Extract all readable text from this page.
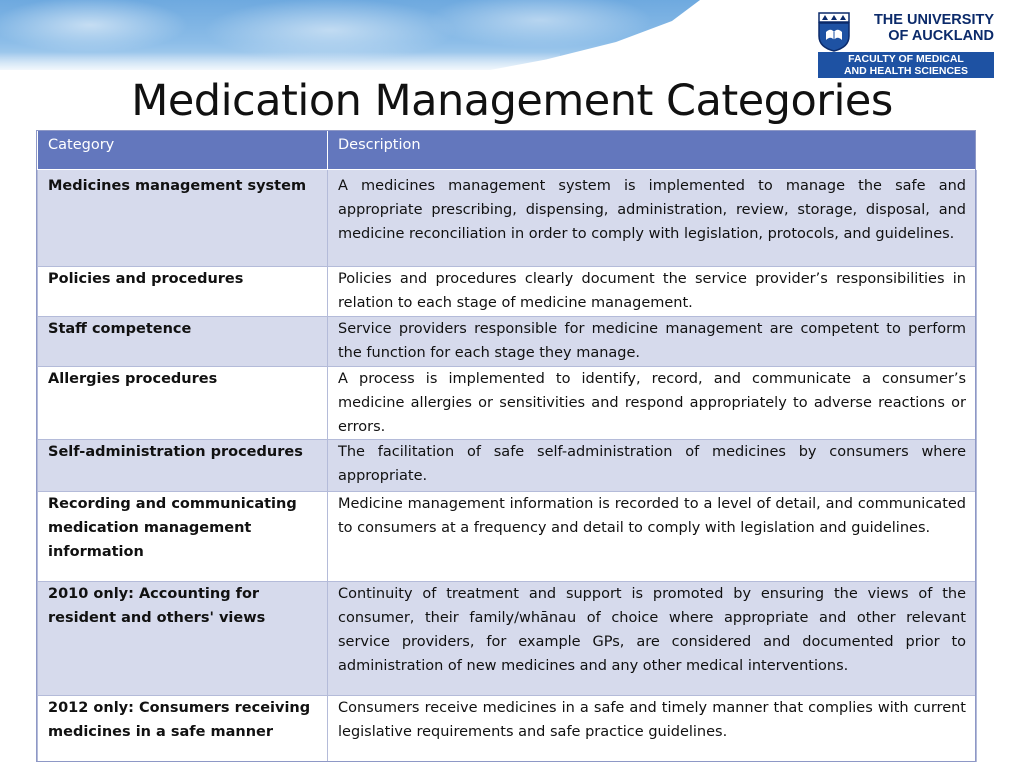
THE UNIVERSITY
OF AUCKLAND
FACULTY OF MEDICAL
AND HEALTH SCIENCES
Medication Management Categories
Category	Description
Medicines management system	A medicines management system is implemented to manage the safe and appropriate prescribing, dispensing, administration, review, storage, disposal, and medicine reconciliation in order to comply with legislation, protocols, and guidelines.
Policies and procedures	Policies and procedures clearly document the service provider’s responsibilities in relation to each stage of medicine management.
Staff competence	Service providers responsible for medicine management are competent to perform the function for each stage they manage.
Allergies procedures	A process is implemented to identify, record, and communicate a consumer’s medicine allergies or sensitivities and respond appropriately to adverse reactions or errors.
Self-administration procedures	The facilitation of safe self-administration of medicines by consumers where appropriate.
Recording and communicating medication management information	Medicine management information is recorded to a level of detail, and communicated to consumers at a frequency and detail to comply with legislation and guidelines.
2010 only: Accounting for resident and others' views	Continuity of treatment and support is promoted by ensuring the views of the consumer, their family/whānau of choice where appropriate and other relevant service providers, for example GPs, are considered and documented prior to administration of new medicines and any other medical interventions.
2012 only: Consumers receiving medicines in a safe manner	Consumers receive medicines in a safe and timely manner that complies with current legislative requirements and safe practice guidelines.
